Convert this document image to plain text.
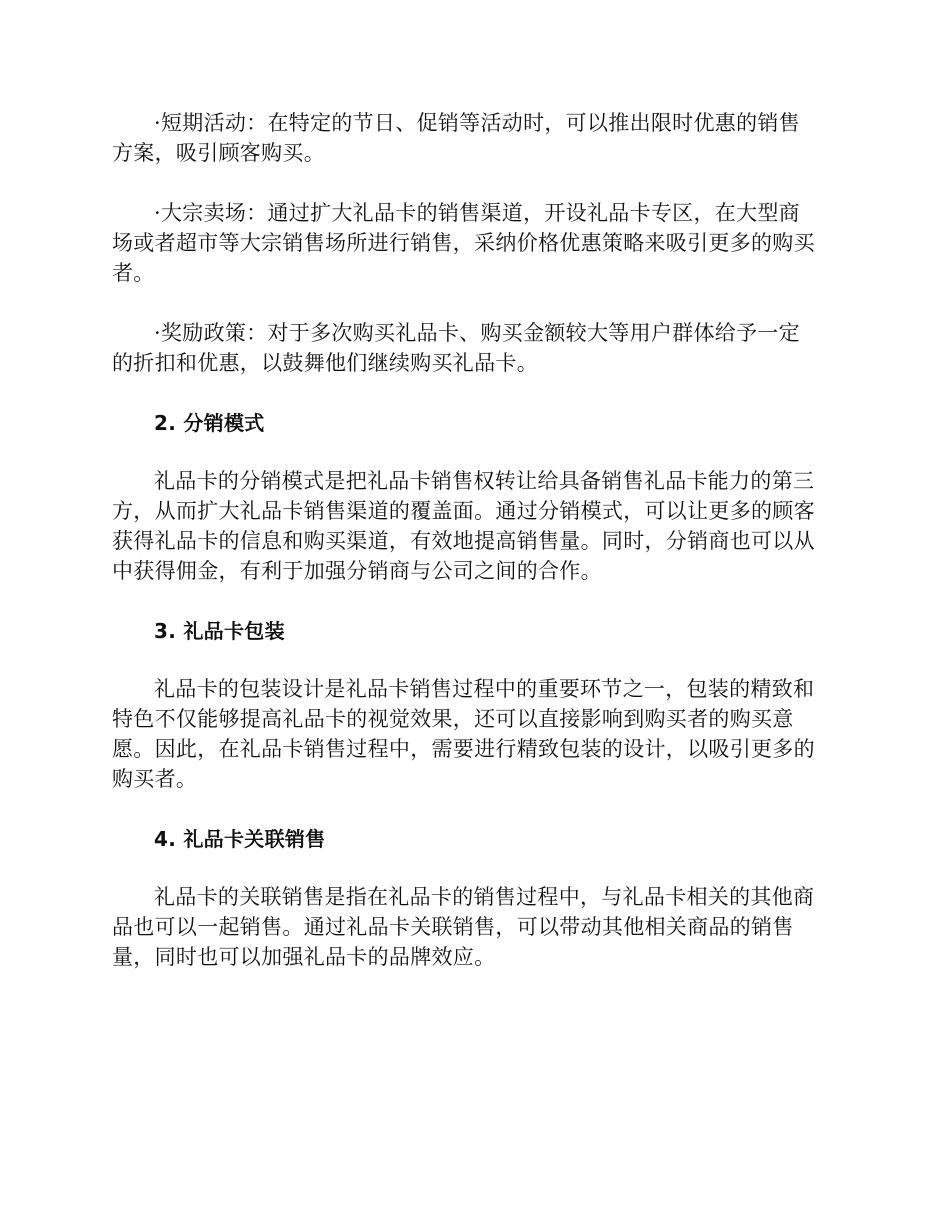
·短期活动：在特定的节日、促销等活动时，可以推出限时优惠的销售
方案，吸引顾客购买。

·大宗卖场：通过扩大礼品卡的销售渠道，开设礼品卡专区，在大型商
场或者超市等大宗销售场所进行销售，采纳价格优惠策略来吸引更多的购买
者。

·奖励政策：对于多次购买礼品卡、购买金额较大等用户群体给予一定
的折扣和优惠，以鼓舞他们继续购买礼品卡。

2. 分销模式

礼品卡的分销模式是把礼品卡销售权转让给具备销售礼品卡能力的第三
方，从而扩大礼品卡销售渠道的覆盖面。通过分销模式，可以让更多的顾客
获得礼品卡的信息和购买渠道，有效地提高销售量。同时，分销商也可以从
中获得佣金，有利于加强分销商与公司之间的合作。

3. 礼品卡包装

礼品卡的包装设计是礼品卡销售过程中的重要环节之一，包装的精致和
特色不仅能够提高礼品卡的视觉效果，还可以直接影响到购买者的购买意
愿。因此，在礼品卡销售过程中，需要进行精致包装的设计，以吸引更多的
购买者。

4. 礼品卡关联销售

礼品卡的关联销售是指在礼品卡的销售过程中，与礼品卡相关的其他商
品也可以一起销售。通过礼品卡关联销售，可以带动其他相关商品的销售
量，同时也可以加强礼品卡的品牌效应。
